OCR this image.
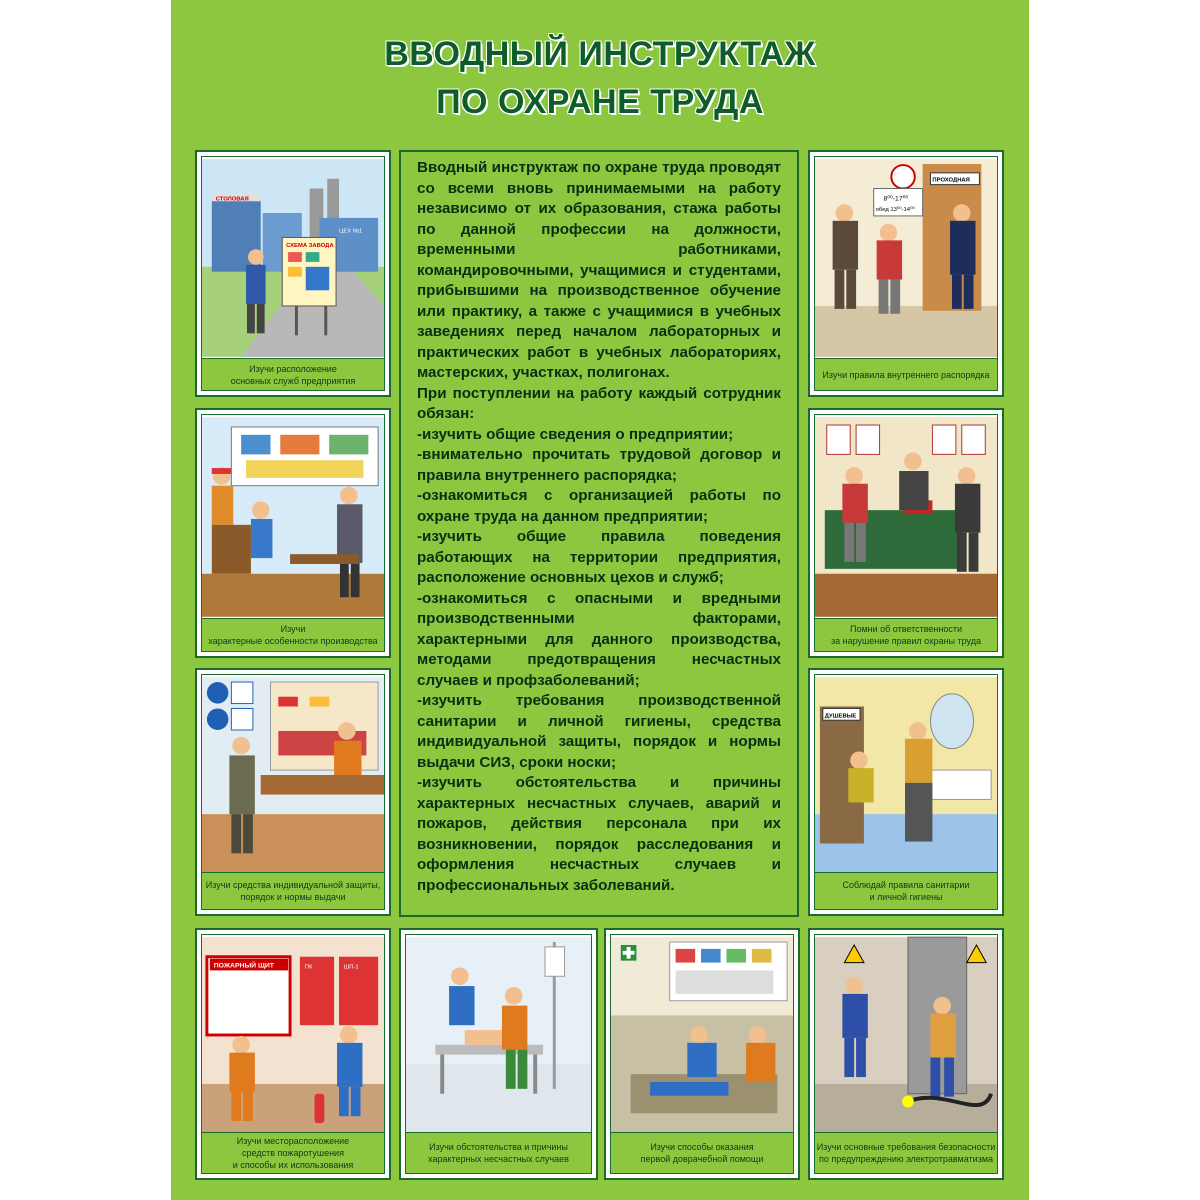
ВВОДНЫЙ ИНСТРУКТАЖ
ПО ОХРАНЕ ТРУДА

Вводный инструктаж по охране труда проводят со всеми вновь принимаемыми на работу независимо от их образования, стажа работы по данной профессии на должности, временными работниками, командировочными, учащимися и студентами, прибывшими на производственное обучение или практику, а также с учащимися в учебных заведениях перед началом лабораторных и практических работ в учебных лабораториях, мастерских, участках, полигонах.

При поступлении на работу каждый сотрудник обязан:

-изучить общие сведения о предприятии;

-внимательно прочитать трудовой договор и правила внутреннего распорядка;

-ознакомиться с организацией работы по охране труда на данном предприятии;

-изучить общие правила поведения работающих на территории предприятия, расположение основных цехов и служб;

-ознакомиться с опасными и вредными производственными факторами, характерными для данного производства, методами предотвращения несчастных случаев и профзаболеваний;

-изучить требования производственной санитарии и личной гигиены, средства индивидуальной защиты, порядок и нормы выдачи СИЗ, сроки носки;

-изучить обстоятельства и причины характерных несчастных случаев, аварий и пожаров, действия персонала при их возникновении, порядок расследования и оформления несчастных случаев и профессиональных заболеваний.

СТОЛОВАЯ
ЦЕХ №1
СХЕМА ЗАВОДА
Изучи расположение
основных служб предприятия
Изучи
характерные особенности производства
Изучи средства индивидуальной защиты,
порядок и нормы выдачи
ПОЖАРНЫЙ ЩИТ	ПК	ШП-1
Изучи месторасположение
средств пожаротушения
и способы их использования
Изучи обстоятельства и причины
характерных несчастных случаев
Изучи способы оказания
первой доврачебной помощи
Изучи основные требования безопасности
по предупреждению электротравматизма
ПРОХОДНАЯ
8⁰⁰-17⁰⁰
обед 13⁰⁰-14⁰⁰
Изучи правила внутреннего распорядка
Помни об ответственности
за нарушение правил охраны труда
ДУШЕВЫЕ
Соблюдай правила санитарии
и личной гигиены
